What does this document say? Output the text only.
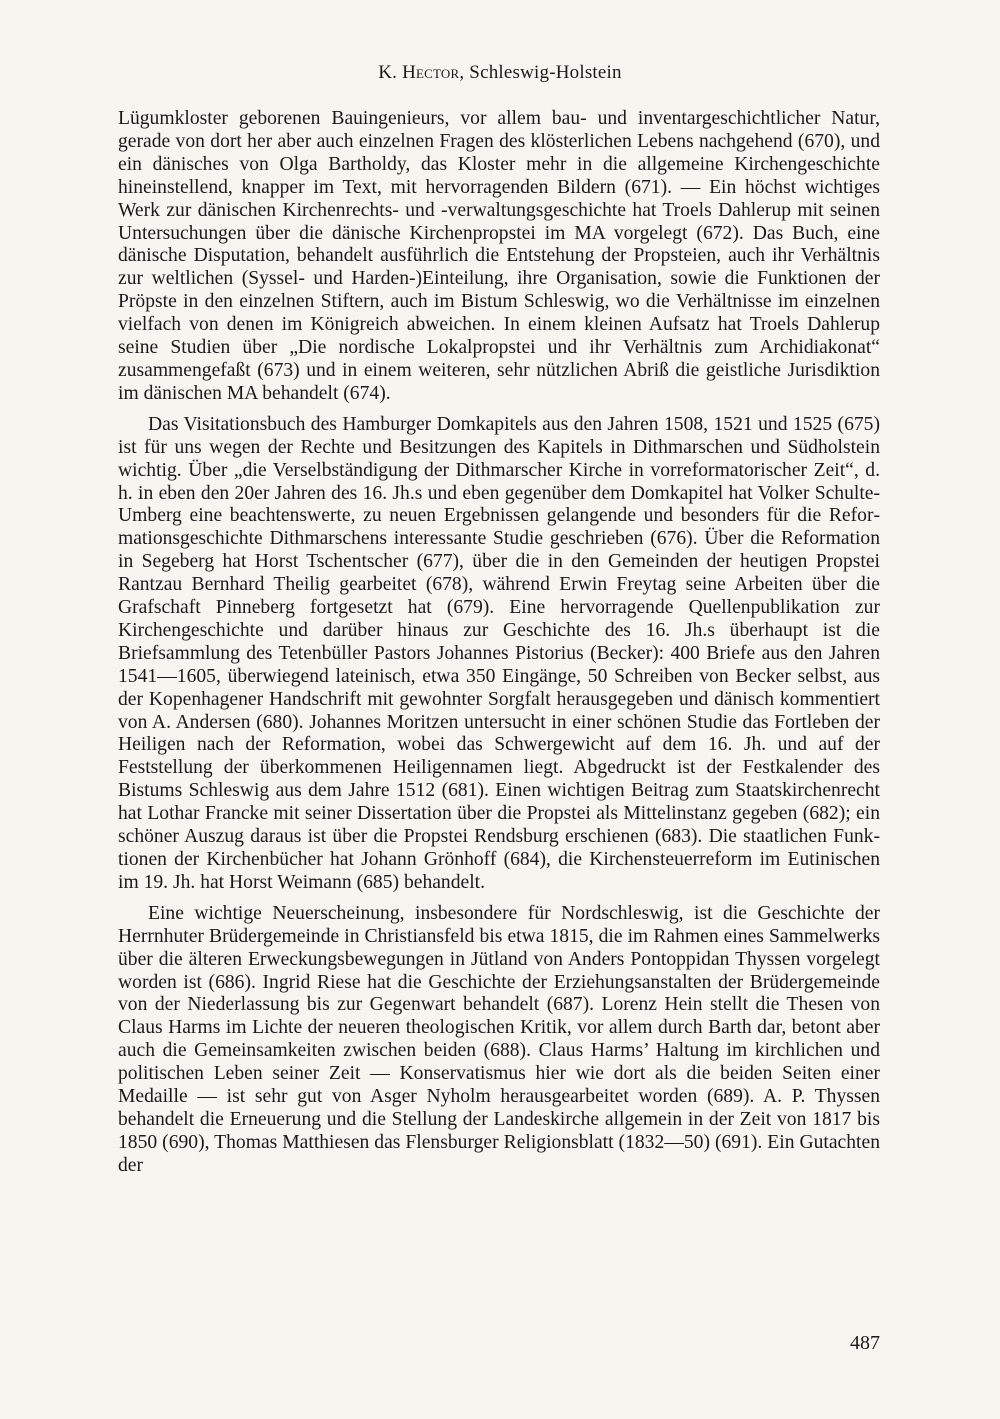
K. Hector, Schleswig-Holstein

Lügumkloster geborenen Bauingenieurs, vor allem bau- und inventargeschichtlicher Natur, gerade von dort her aber auch einzelnen Fragen des klösterlichen Lebens nachgehend (670), und ein dänisches von Olga Bartholdy, das Kloster mehr in die allgemeine Kirchengeschichte hineinstellend, knapper im Text, mit hervorragenden Bildern (671). — Ein höchst wichtiges Werk zur dänischen Kirchenrechts- und -verwaltungsgeschichte hat Troels Dahlerup mit seinen Untersuchungen über die dänische Kirchenpropstei im MA vorgelegt (672). Das Buch, eine dänische Disputation, behandelt ausführlich die Entstehung der Propsteien, auch ihr Verhältnis zur weltlichen (Syssel- und Harden-)Einteilung, ihre Organisation, sowie die Funktionen der Pröpste in den einzelnen Stiftern, auch im Bistum Schleswig, wo die Verhältnisse im einzelnen vielfach von denen im Königreich abweichen. In einem kleinen Aufsatz hat Troels Dahlerup seine Studien über „Die nordische Lokalpropstei und ihr Verhältnis zum Archidiakonat“ zusammengefaßt (673) und in einem weiteren, sehr nützlichen Abriß die geistliche Jurisdiktion im dänischen MA behandelt (674).

Das Visitationsbuch des Hamburger Domkapitels aus den Jahren 1508, 1521 und 1525 (675) ist für uns wegen der Rechte und Besitzungen des Kapitels in Dithmarschen und Südholstein wichtig. Über „die Verselbständigung der Dithmarscher Kirche in vorreformatorischer Zeit“, d. h. in eben den 20er Jahren des 16. Jh.s und eben gegenüber dem Domkapitel hat Volker Schulte-Umberg eine beachtenswerte, zu neuen Ergebnissen gelangende und besonders für die Reformationsgeschichte Dithmarschens interessante Studie geschrieben (676). Über die Reformation in Segeberg hat Horst Tschentscher (677), über die in den Gemeinden der heutigen Propstei Rantzau Bernhard Theilig gearbeitet (678), während Erwin Freytag seine Arbeiten über die Grafschaft Pinneberg fortgesetzt hat (679). Eine hervorragende Quellenpublikation zur Kirchengeschichte und darüber hinaus zur Geschichte des 16. Jh.s überhaupt ist die Briefsammlung des Tetenbüller Pastors Johannes Pistorius (Becker): 400 Briefe aus den Jahren 1541—1605, überwiegend lateinisch, etwa 350 Eingänge, 50 Schreiben von Becker selbst, aus der Kopenhagener Handschrift mit gewohnter Sorgfalt herausgegeben und dänisch kommentiert von A. Andersen (680). Johannes Moritzen untersucht in einer schönen Studie das Fortleben der Heiligen nach der Reformation, wobei das Schwergewicht auf dem 16. Jh. und auf der Feststellung der überkommenen Heiligennamen liegt. Abgedruckt ist der Festkalender des Bistums Schleswig aus dem Jahre 1512 (681). Einen wichtigen Beitrag zum Staatskirchenrecht hat Lothar Francke mit seiner Dissertation über die Propstei als Mittelinstanz gegeben (682); ein schöner Auszug daraus ist über die Propstei Rendsburg erschienen (683). Die staatlichen Funktionen der Kirchenbücher hat Johann Grönhoff (684), die Kirchensteuerreform im Eutinischen im 19. Jh. hat Horst Weimann (685) behandelt.

Eine wichtige Neuerscheinung, insbesondere für Nordschleswig, ist die Geschichte der Herrnhuter Brüdergemeinde in Christiansfeld bis etwa 1815, die im Rahmen eines Sammelwerks über die älteren Erweckungsbewegungen in Jütland von Anders Pontoppidan Thyssen vorgelegt worden ist (686). Ingrid Riese hat die Geschichte der Erziehungsanstalten der Brüdergemeinde von der Niederlassung bis zur Gegenwart behandelt (687). Lorenz Hein stellt die Thesen von Claus Harms im Lichte der neueren theologischen Kritik, vor allem durch Barth dar, betont aber auch die Gemeinsamkeiten zwischen beiden (688). Claus Harms’ Haltung im kirchlichen und politischen Leben seiner Zeit — Konservatismus hier wie dort als die beiden Seiten einer Medaille — ist sehr gut von Asger Nyholm herausgearbeitet worden (689). A. P. Thyssen behandelt die Erneuerung und die Stellung der Landeskirche allgemein in der Zeit von 1817 bis 1850 (690), Thomas Matthiesen das Flensburger Religionsblatt (1832—50) (691). Ein Gutachten der

487
